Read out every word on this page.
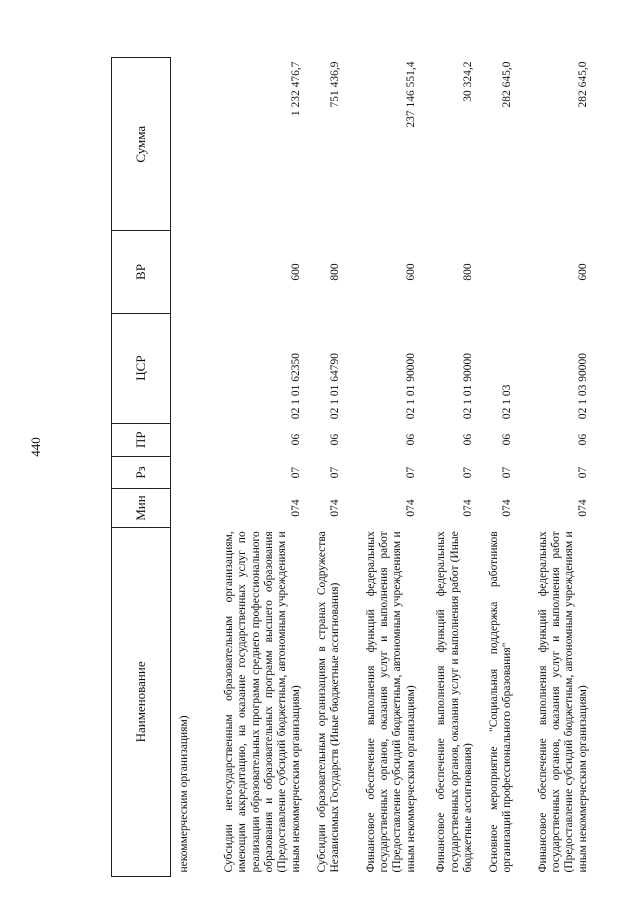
440
Наименование	Мин	Рз	ПР	ЦСР	ВР	Сумма
некоммерческим организациям)						
Субсидии негосударственным образовательным организациям, имеющим аккредитацию, на оказание государственных услуг по реализации образовательных программ среднего профессионального образования и образовательных программ высшего образования (Предоставление субсидий бюджетным, автономным учреждениям и иным некоммерческим организациям)	074	07	06	02 1 01 62350	600	1 232 476,7
Субсидии образовательным организациям в странах Содружества Независимых Государств (Иные бюджетные ассигнования)	074	07	06	02 1 01 64790	800	751 436,9
Финансовое обеспечение выполнения функций федеральных государственных органов, оказания услуг и выполнения работ (Предоставление субсидий бюджетным, автономным учреждениям и иным некоммерческим организациям)	074	07	06	02 1 01 90000	600	237 146 551,4
Финансовое обеспечение выполнения функций федеральных государственных органов, оказания услуг и выполнения работ (Иные бюджетные ассигнования)	074	07	06	02 1 01 90000	800	30 324,2
Основное мероприятие "Социальная поддержка работников организаций профессионального образования"	074	07	06	02 1 03		282 645,0
Финансовое обеспечение выполнения функций федеральных государственных органов, оказания услуг и выполнения работ (Предоставление субсидий бюджетным, автономным учреждениям и иным некоммерческим организациям)	074	07	06	02 1 03 90000	600	282 645,0
